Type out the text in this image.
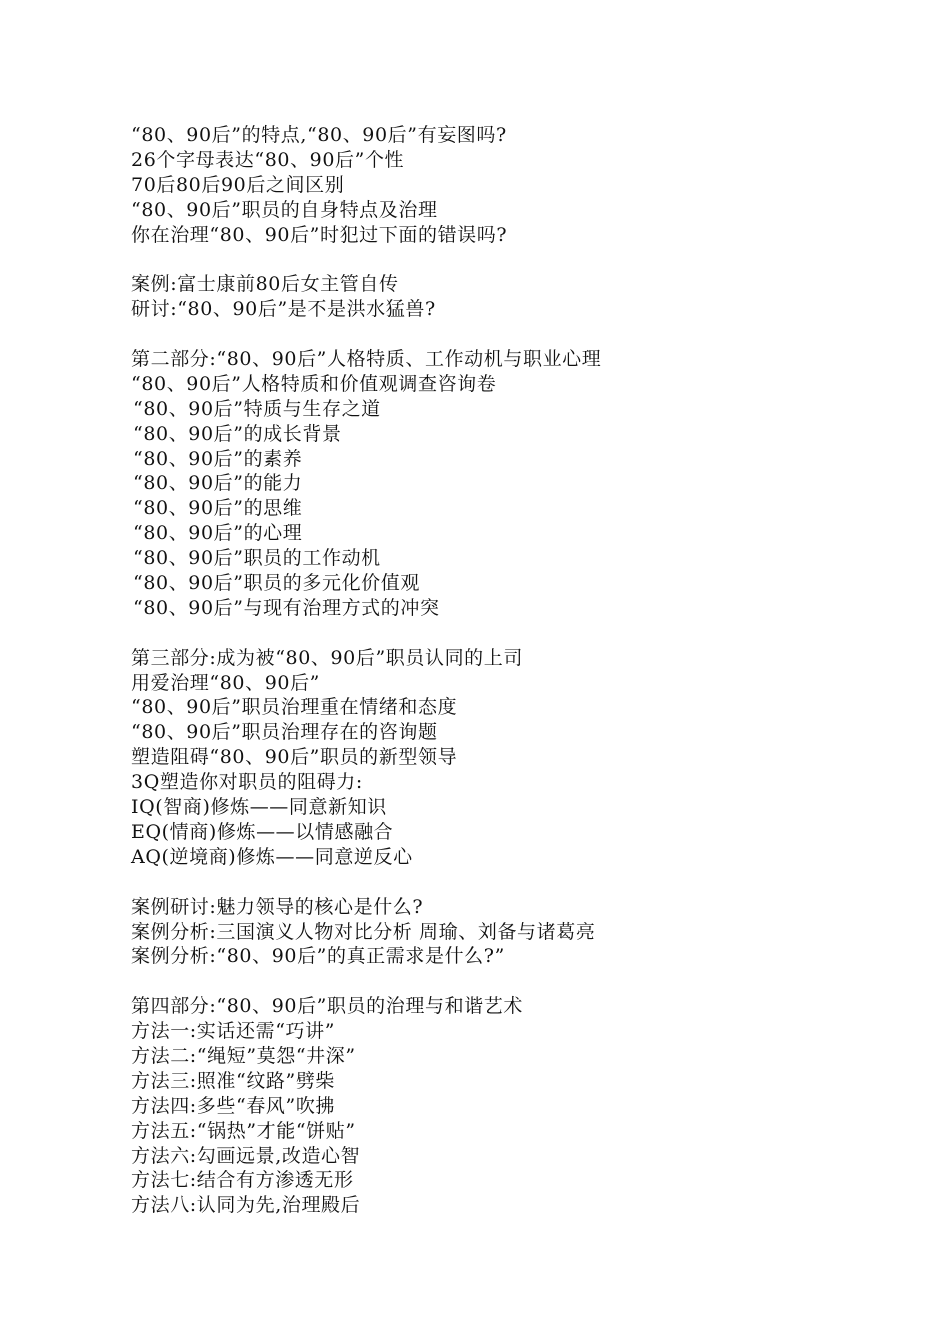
“80、90后”的特点,“80、90后”有妄图吗?
26个字母表达“80、90后”个性
70后80后90后之间区别
“80、90后”职员的自身特点及治理
你在治理“80、90后”时犯过下面的错误吗?
案例:富士康前80后女主管自传
研讨:“80、90后”是不是洪水猛兽?
第二部分:“80、90后”人格特质、工作动机与职业心理
“80、90后”人格特质和价值观调查咨询卷
“80、90后”特质与生存之道
“80、90后”的成长背景
“80、90后”的素养
“80、90后”的能力
“80、90后”的思维
“80、90后”的心理
“80、90后”职员的工作动机
“80、90后”职员的多元化价值观
“80、90后”与现有治理方式的冲突
第三部分:成为被“80、90后”职员认同的上司
用爱治理“80、90后”
“80、90后”职员治理重在情绪和态度
“80、90后”职员治理存在的咨询题
塑造阻碍“80、90后”职员的新型领导
3Q塑造你对职员的阻碍力:
IQ(智商)修炼——同意新知识
EQ(情商)修炼——以情感融合
AQ(逆境商)修炼——同意逆反心
案例研讨:魅力领导的核心是什么?
案例分析:三国演义人物对比分析 周瑜、刘备与诸葛亮
案例分析:“80、90后”的真正需求是什么?”
第四部分:“80、90后”职员的治理与和谐艺术
方法一:实话还需“巧讲”
方法二:“绳短”莫怨“井深”
方法三:照准“纹路”劈柴
方法四:多些“春风”吹拂
方法五:“锅热”才能“饼贴”
方法六:勾画远景,改造心智
方法七:结合有方渗透无形
方法八:认同为先,治理殿后
